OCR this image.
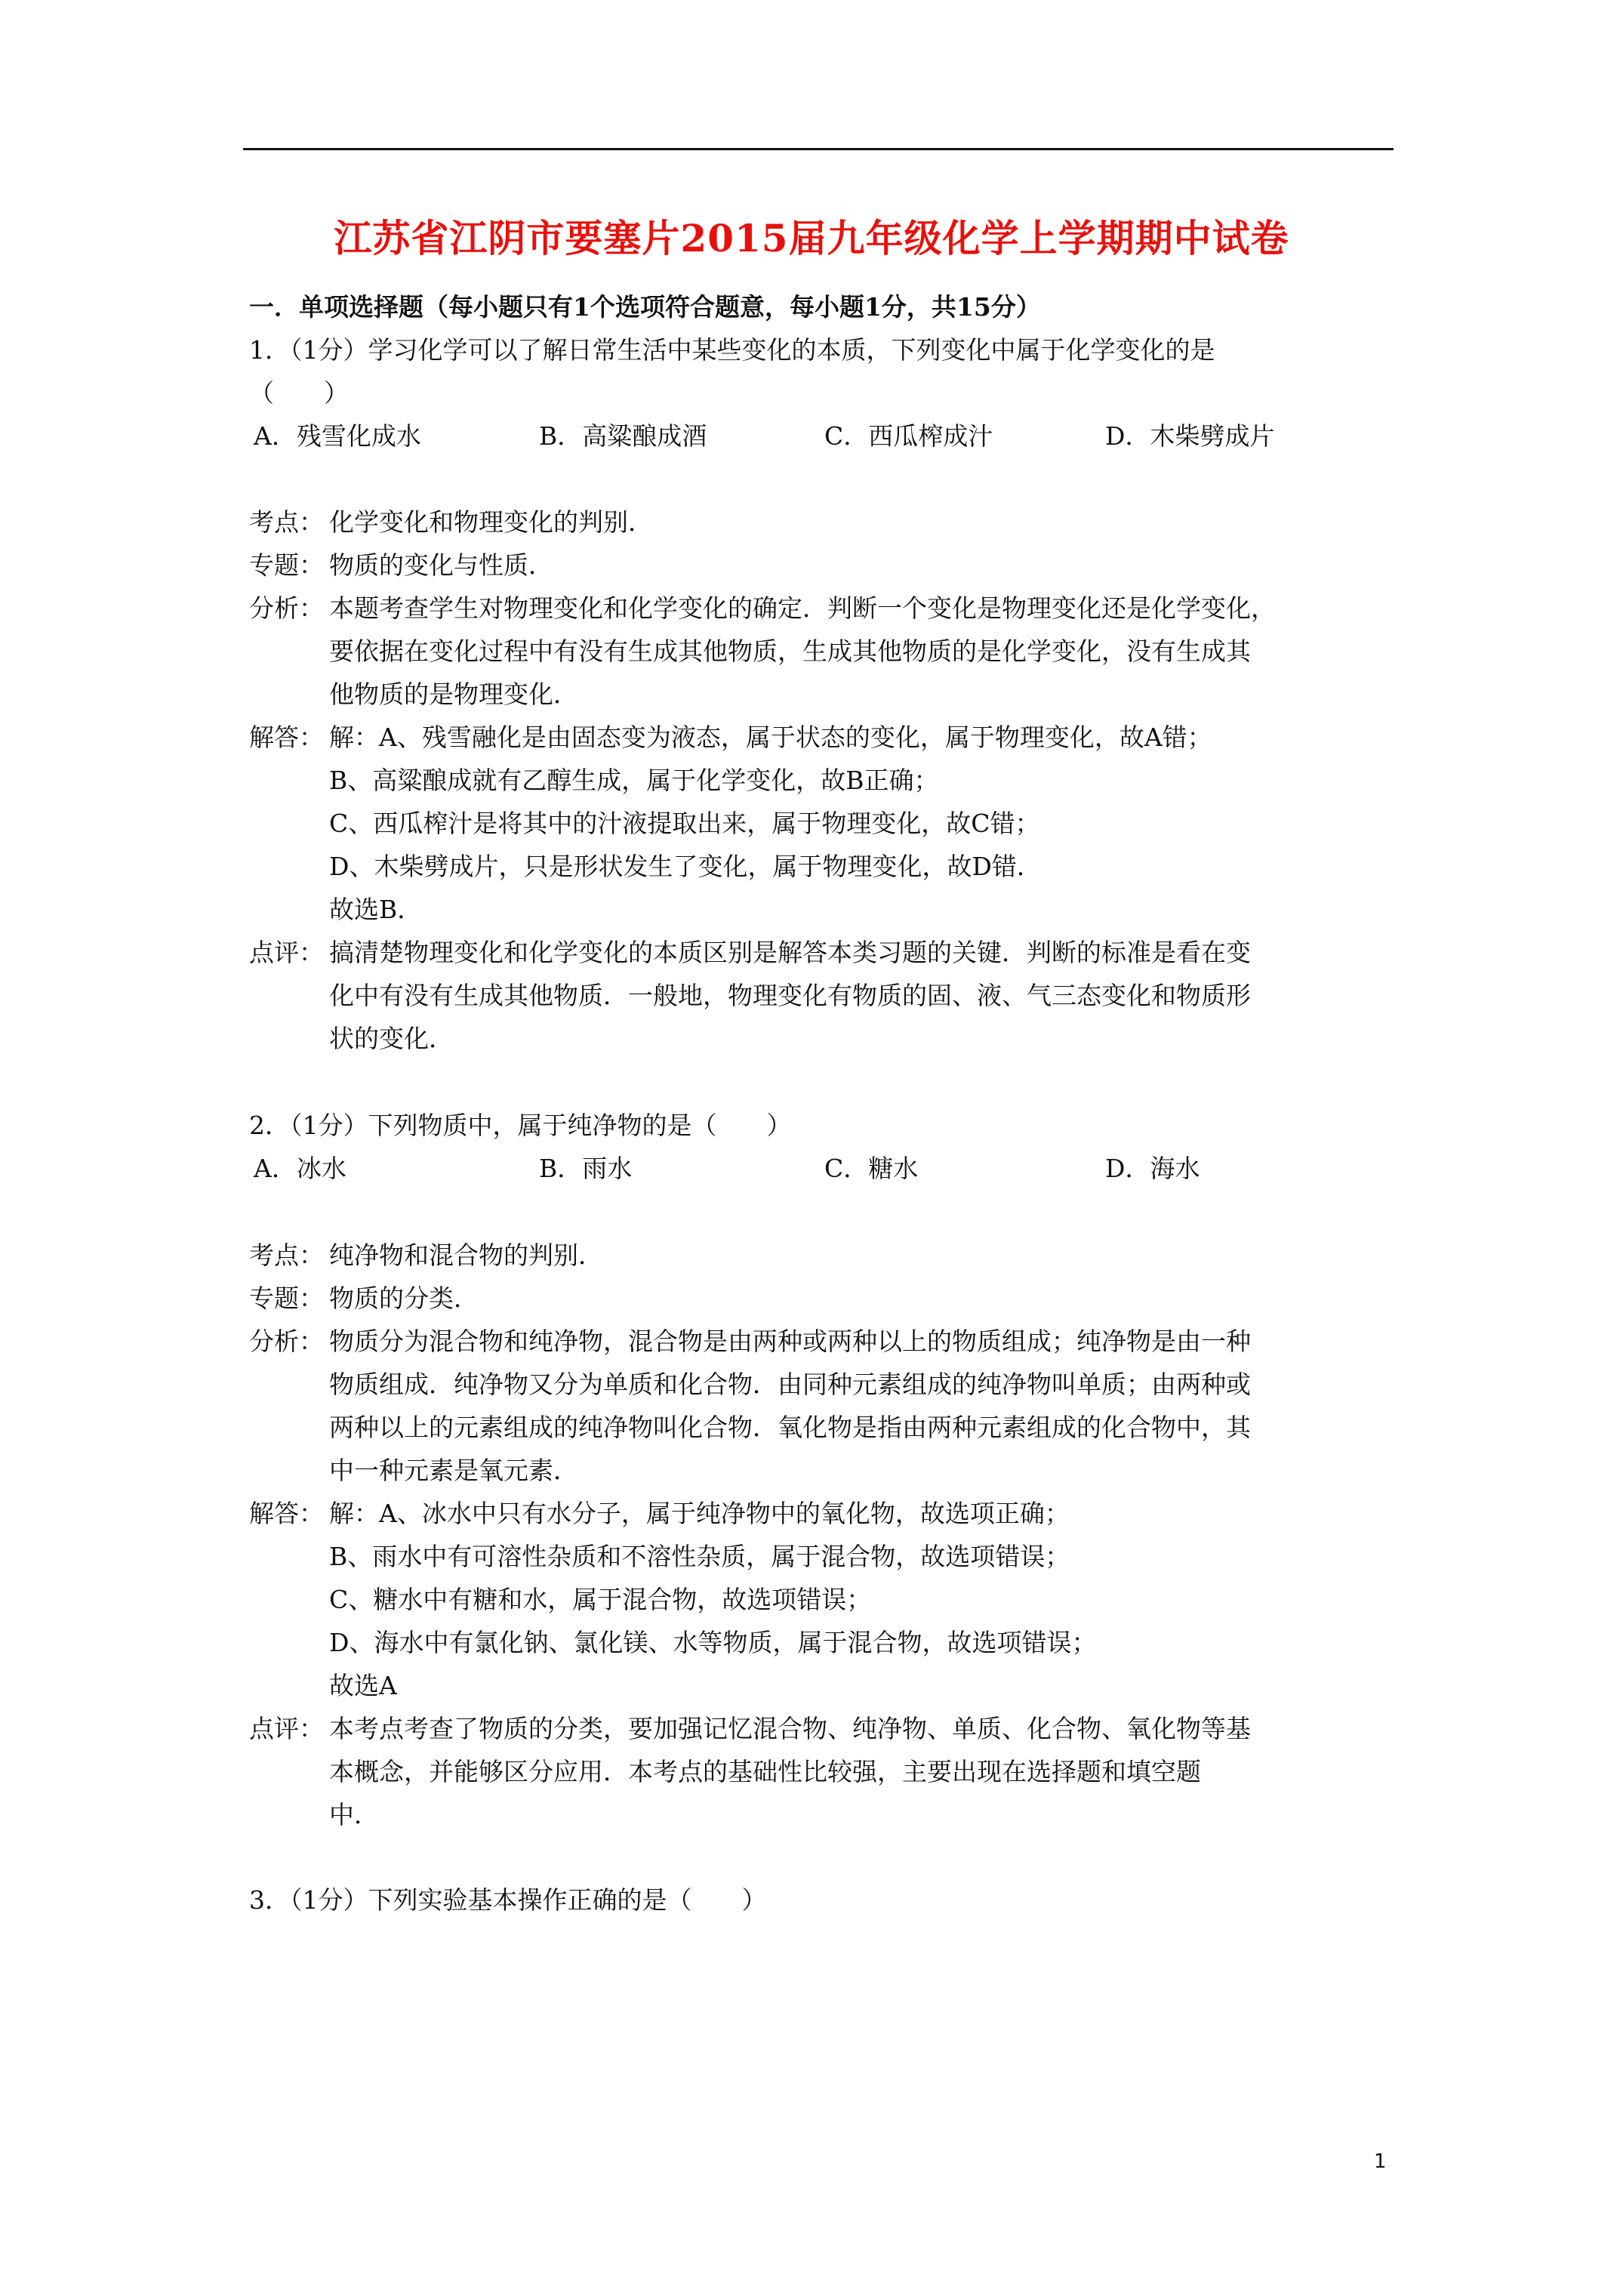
江苏省江阴市要塞片2015届九年级化学上学期期中试卷
一．单项选择题（每小题只有1个选项符合题意，每小题1分，共15分）
1．（1分）学习化学可以了解日常生活中某些变化的本质，下列变化中属于化学变化的是
（　　）
A．残雪化成水	B．高粱酿成酒	C．西瓜榨成汁	D．木柴劈成片
考点： 化学变化和物理变化的判别．
专题： 物质的变化与性质．
分析： 本题考查学生对物理变化和化学变化的确定．判断一个变化是物理变化还是化学变化，
要依据在变化过程中有没有生成其他物质，生成其他物质的是化学变化，没有生成其
他物质的是物理变化．
解答： 解：A、残雪融化是由固态变为液态，属于状态的变化，属于物理变化，故A错；
B、高粱酿成就有乙醇生成，属于化学变化，故B正确；
C、西瓜榨汁是将其中的汁液提取出来，属于物理变化，故C错；
D、木柴劈成片，只是形状发生了变化，属于物理变化，故D错．
故选B．
点评： 搞清楚物理变化和化学变化的本质区别是解答本类习题的关键．判断的标准是看在变
化中有没有生成其他物质．一般地，物理变化有物质的固、液、气三态变化和物质形
状的变化．
2．（1分）下列物质中，属于纯净物的是（　　）
A．冰水	B．雨水	C．糖水	D．海水
考点： 纯净物和混合物的判别．
专题： 物质的分类．
分析： 物质分为混合物和纯净物，混合物是由两种或两种以上的物质组成；纯净物是由一种
物质组成．纯净物又分为单质和化合物．由同种元素组成的纯净物叫单质；由两种或
两种以上的元素组成的纯净物叫化合物．氧化物是指由两种元素组成的化合物中，其
中一种元素是氧元素．
解答： 解：A、冰水中只有水分子，属于纯净物中的氧化物，故选项正确；
B、雨水中有可溶性杂质和不溶性杂质，属于混合物，故选项错误；
C、糖水中有糖和水，属于混合物，故选项错误；
D、海水中有氯化钠、氯化镁、水等物质，属于混合物，故选项错误；
故选A
点评： 本考点考查了物质的分类，要加强记忆混合物、纯净物、单质、化合物、氧化物等基
本概念，并能够区分应用．本考点的基础性比较强，主要出现在选择题和填空题
中．
3．（1分）下列实验基本操作正确的是（　　）
1
